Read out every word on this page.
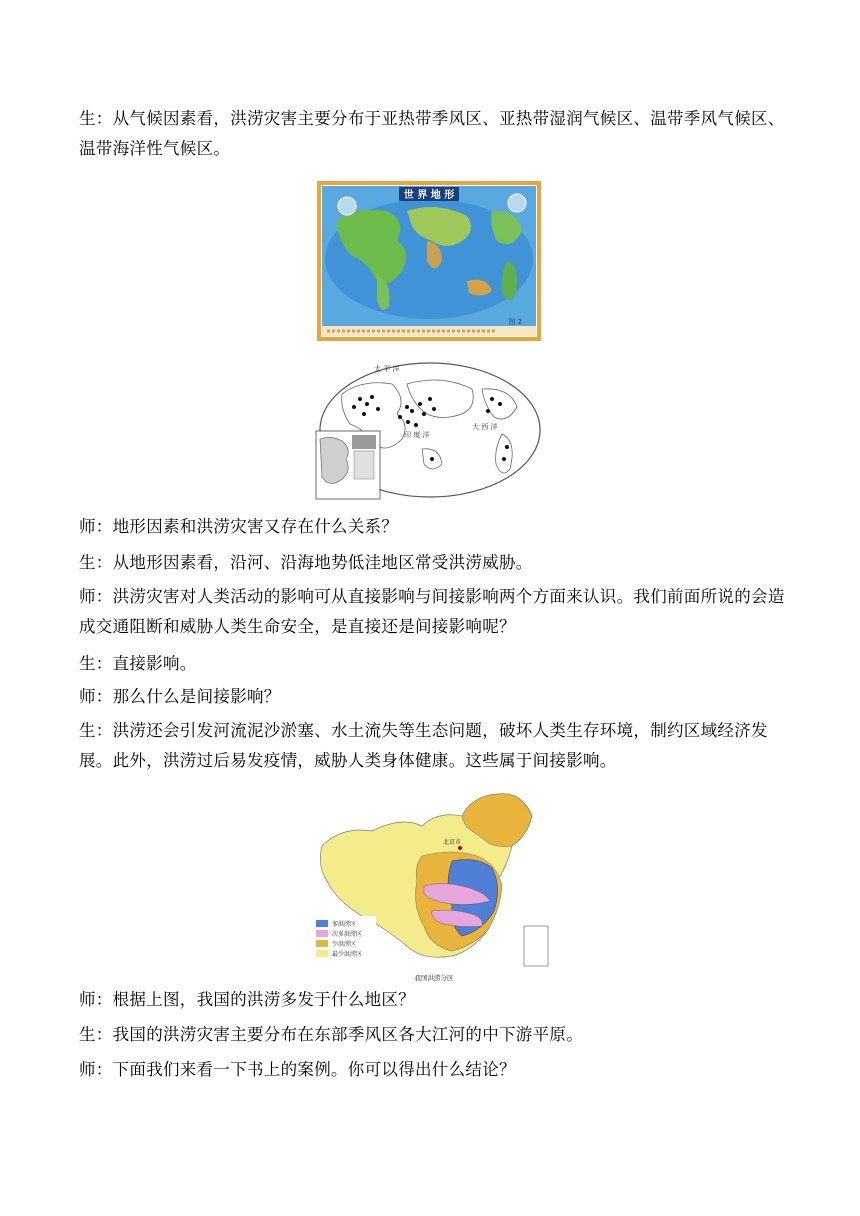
生：从气候因素看，洪涝灾害主要分布于亚热带季风区、亚热带湿润气候区、温带季风气候区、温带海洋性气候区。

世 界 地 形
图 2
太 平 洋
大 西 洋
印 度 洋

师：地形因素和洪涝灾害又存在什么关系？

生：从地形因素看，沿河、沿海地势低洼地区常受洪涝威胁。

师：洪涝灾害对人类活动的影响可从直接影响与间接影响两个方面来认识。我们前面所说的会造成交通阻断和威胁人类生命安全，是直接还是间接影响呢？

生：直接影响。

师：那么什么是间接影响？

生：洪涝还会引发河流泥沙淤塞、水土流失等生态问题，破坏人类生存环境，制约区域经济发展。此外，洪涝过后易发疫情，威胁人类身体健康。这些属于间接影响。

多洪涝区
次多洪涝区
少洪涝区
最少洪涝区
北京市
我国洪涝分区

师：根据上图，我国的洪涝多发于什么地区？

生：我国的洪涝灾害主要分布在东部季风区各大江河的中下游平原。

师：下面我们来看一下书上的案例。你可以得出什么结论？
